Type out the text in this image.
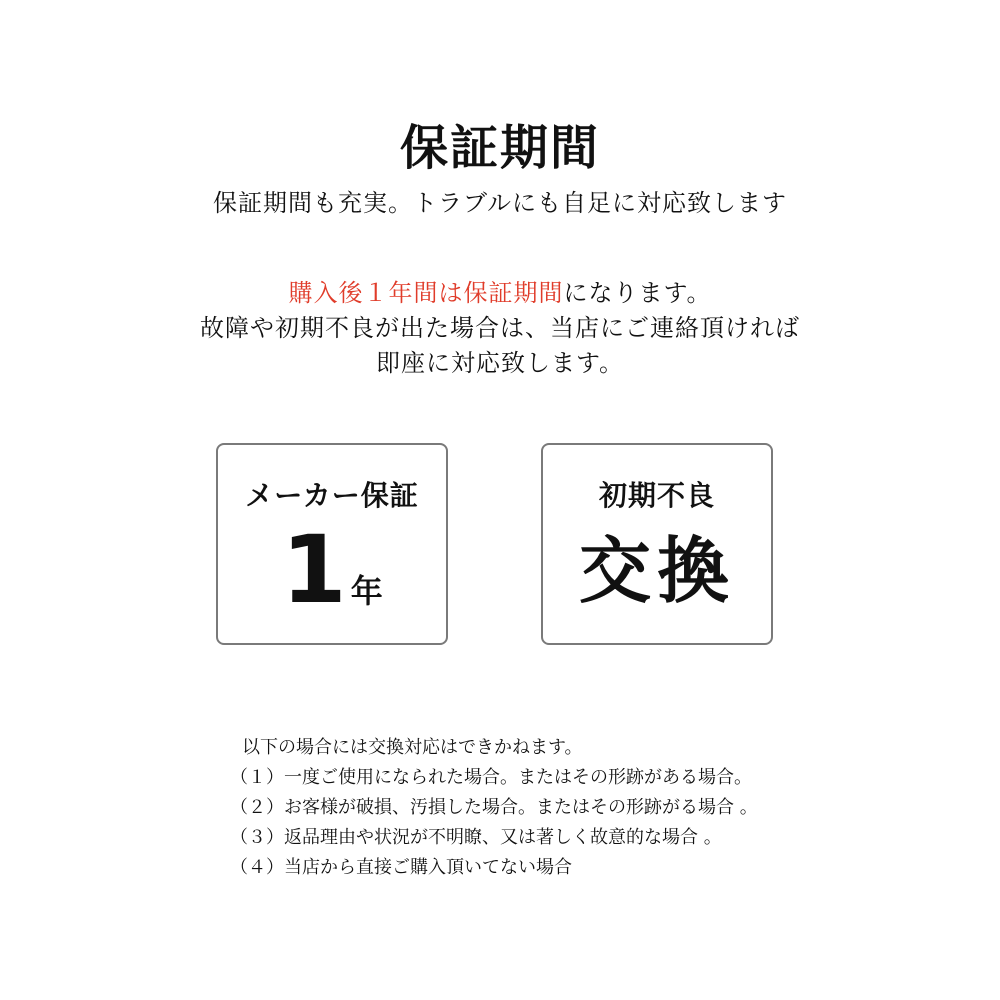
保証期間
保証期間も充実。トラブルにも自足に対応致します
購入後１年間は保証期間になります。
故障や初期不良が出た場合は、当店にご連絡頂ければ
即座に対応致します。
メーカー保証
1 年
初期不良
交換
以下の場合には交換対応はできかねます。
（１）一度ご使用になられた場合。またはその形跡がある場合。
（２）お客様が破損、汚損した場合。またはその形跡がる場合 。
（３）返品理由や状況が不明瞭、又は著しく故意的な場合 。
（４）当店から直接ご購入頂いてない場合
